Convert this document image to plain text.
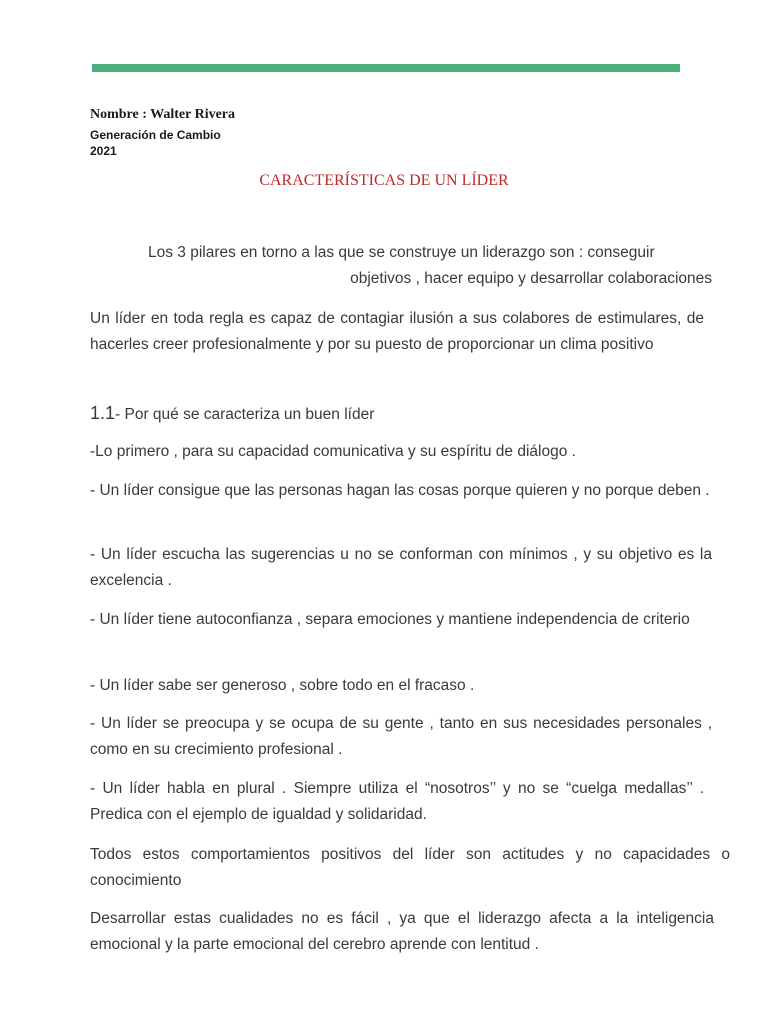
Nombre : Walter Rivera
Generación de Cambio
2021
CARACTERÍSTICAS DE UN LÍDER
Los 3 pilares en torno a las que se construye un liderazgo son : conseguir
objetivos , hacer equipo y desarrollar colaboraciones
Un líder en toda regla es capaz de contagiar ilusión a sus colabores de estimulares, de hacerles creer profesionalmente y por su puesto de proporcionar un clima positivo
1.1- Por qué se caracteriza un buen líder
-Lo primero , para su capacidad comunicativa y su espíritu de diálogo .
- Un líder consigue que las personas hagan las cosas porque quieren y no porque deben .
- Un líder escucha las sugerencias u no se conforman con mínimos , y su objetivo es la excelencia .
- Un líder tiene autoconfianza , separa emociones y mantiene independencia de criterio
- Un líder sabe ser generoso , sobre todo en el fracaso .
- Un líder se preocupa y se ocupa de su gente , tanto en sus necesidades personales , como en su crecimiento profesional .
- Un líder habla en plural . Siempre utiliza el “nosotros’’ y no se “cuelga medallas’’ . Predica con el ejemplo de igualdad y solidaridad.
Todos estos comportamientos positivos del líder son actitudes y no capacidades o conocimiento
Desarrollar estas cualidades no es fácil , ya que el liderazgo afecta a la inteligencia emocional y la parte emocional del cerebro aprende con lentitud .
